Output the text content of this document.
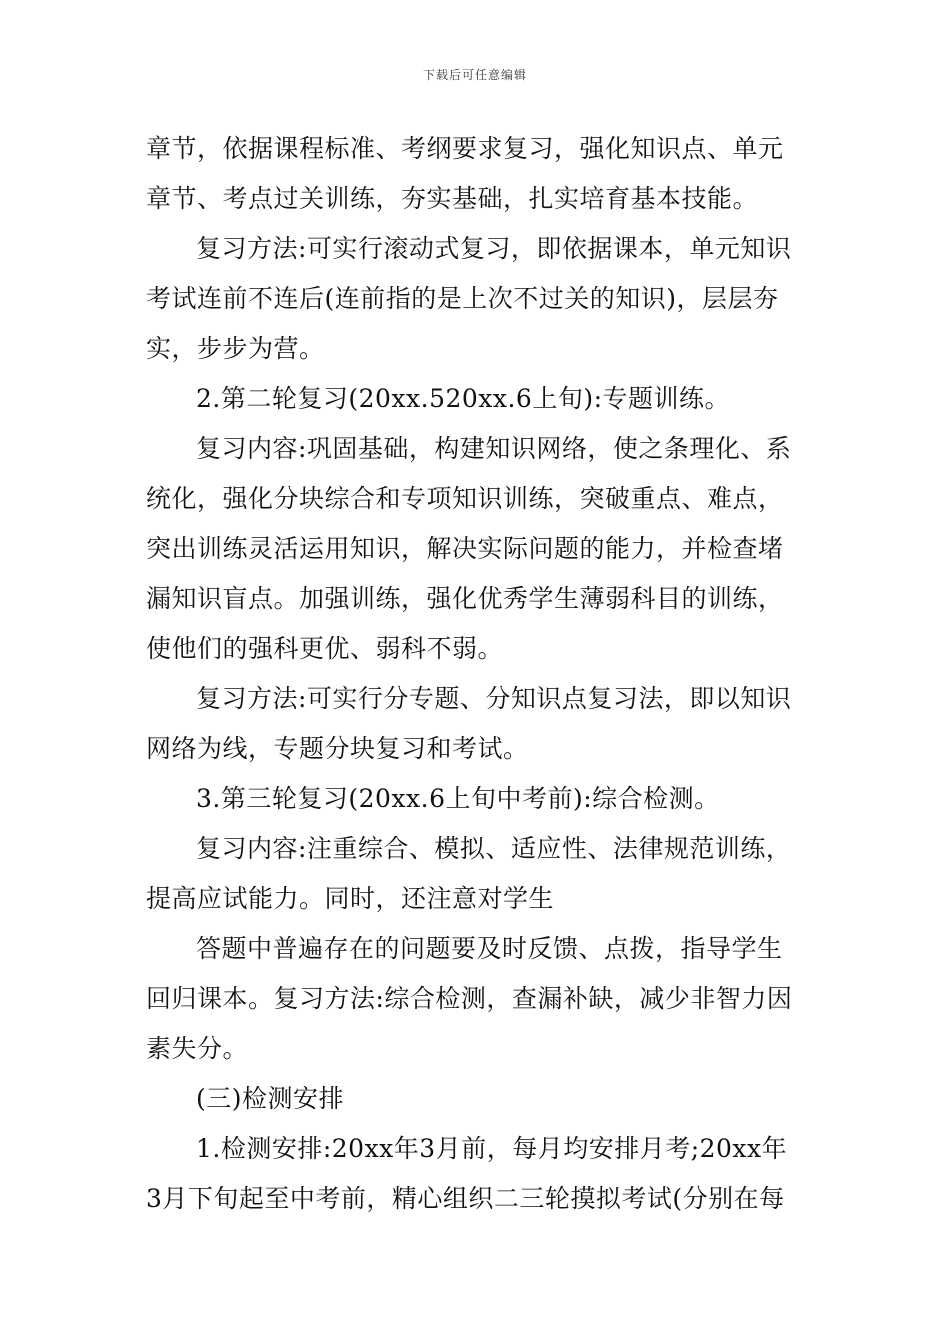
下载后可任意编辑
章节，依据课程标准、考纲要求复习，强化知识点、单元
章节、考点过关训练，夯实基础，扎实培育基本技能。
复习方法:可实行滚动式复习，即依据课本，单元知识
考试连前不连后(连前指的是上次不过关的知识)，层层夯
实，步步为营。
2.第二轮复习(20xx.520xx.6上旬):专题训练。
复习内容:巩固基础，构建知识网络，使之条理化、系
统化，强化分块综合和专项知识训练，突破重点、难点，
突出训练灵活运用知识，解决实际问题的能力，并检查堵
漏知识盲点。加强训练，强化优秀学生薄弱科目的训练，
使他们的强科更优、弱科不弱。
复习方法:可实行分专题、分知识点复习法，即以知识
网络为线，专题分块复习和考试。
3.第三轮复习(20xx.6上旬中考前):综合检测。
复习内容:注重综合、模拟、适应性、法律规范训练，
提高应试能力。同时，还注意对学生
答题中普遍存在的问题要及时反馈、点拨，指导学生
回归课本。复习方法:综合检测，查漏补缺，减少非智力因
素失分。
(三)检测安排
1.检测安排:20xx年3月前，每月均安排月考;20xx年
3月下旬起至中考前，精心组织二三轮摸拟考试(分别在每
